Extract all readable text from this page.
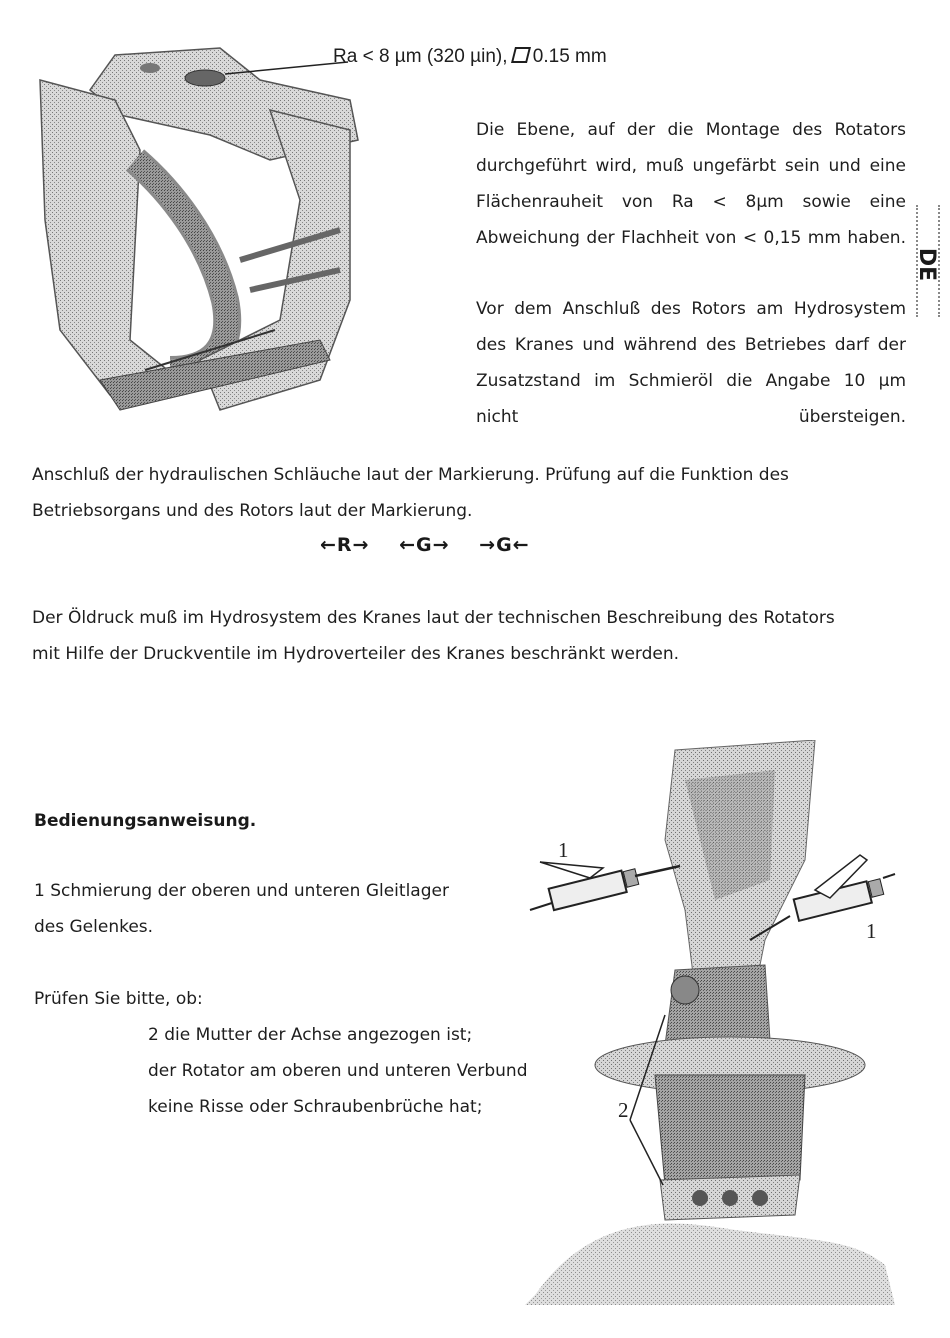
Ra < 8 µm (320 µin), 0.15 mm

Die Ebene, auf der die Montage des Rotators durchgeführt wird, muß ungefärbt sein und eine Flächenrauheit von Ra < 8µm sowie eine Abweichung der Flachheit von < 0,15 mm haben.

Vor dem Anschluß des Rotors am Hydrosystem des Kranes und während des Betriebes darf der Zusatzstand im Schmieröl die Angabe 10 µm nicht übersteigen.

DE
Anschluß der hydraulischen Schläuche laut der Markierung. Prüfung auf die Funktion des Betriebsorgans und des Rotors laut der Markierung.
←R→ ←G→ →G←
Der Öldruck muß im Hydrosystem des Kranes laut der technischen Beschreibung des Rotators mit Hilfe der Druckventile im Hydroverteiler des Kranes beschränkt werden.
Bedienungsanweisung.
1 Schmierung der oberen und unteren Gleitlager des Gelenkes.
Prüfen Sie bitte, ob:

2 die Mutter der Achse angezogen ist;

der Rotator am oberen und unteren Verbund

keine Risse oder Schraubenbrüche hat;

1
1
2
